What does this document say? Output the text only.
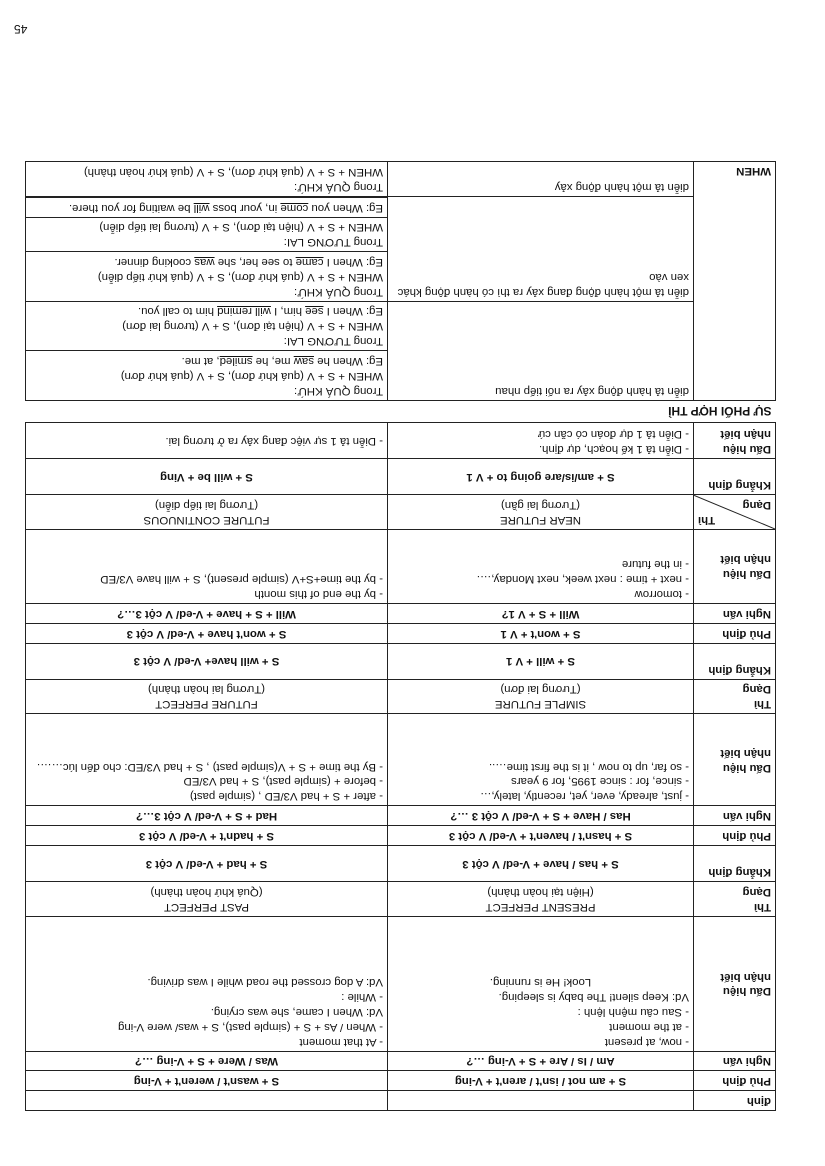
45
định		
Phủ định	S + am not / isn't / aren't + V-ing	S + wasn't / weren't + V-ing
Nghi vấn	Am / Is / Are + S + V-ing …?	Was / Were + S + V-ing …?
Dấu hiệu nhận biết	- now, at present
- at the moment
- Sau câu mệnh lệnh :
Vd: Keep silent! The baby is sleeping.
Look! He is running.	- At that moment
- When / As + S + (simple past), S + was/ were V-ing
Vd: When I came, she was crying.
- While :
Vd: A dog crossed the road while I was driving.

Thì
Dạng	PRESENT PERFECT
(Hiện tại hoàn thành)	PAST PERFECT
(Quá khứ hoàn thành)

Khẳng định	S + has / have + V-ed/ V cột 3	S + had + V-ed/ V cột 3
Phủ định	S + hasn't / haven't + V-ed/ V cột 3	S + hadn't + V-ed/ V cột 3
Nghi vấn	Has / Have + S + V-ed/ V cột 3 …?	Had + S + V-ed/ V cột 3…?
Dấu hiệu nhận biết	- just, already, ever, yet, recently, lately,…
- since, for : since 1995, for 9 years
- so far, up to now , it is the first time…..	- after + S + had V3/ED , (simple past)
- before + (simple past), S + had V3/ED
- By the time + S + V(simple past) , S + had V3/ED: cho đến lúc…….

Thì
Dạng	SIMPLE FUTURE
(Tương lai đơn)	FUTURE PERFECT
(Tương lai hoàn thành)

Khẳng định	S + will + V 1	S + will have+ V-ed/ V cột 3
Phủ định	S + won't + V 1	S + won't have + V-ed/ V cột 3
Nghi vấn	Will + S + V 1?	Will + S + have + V-ed/ V cột 3…?
Dấu hiệu nhận biết	- tomorrow
- next + time : next week, next Monday,….
- in the future	- by the end of this month
- by the time+S+V (simple present), S + will have V3/ED

Thì
Dạng	NEAR FUTURE
(Tương lai gần)	FUTURE CONTINUOUS
(Tương lai tiếp diễn)

Khẳng định	S + am/is/are going to + V 1	S + will be + Ving
Dấu hiệu nhận biết	- Diễn tả 1 kế hoạch, dự định.
- Diễn tả 1 dự đoán có căn cứ	- Diễn tả 1 sự việc đang xảy ra ở tương lai.

SỰ PHỐI HỢP THÌ		
WHEN	diễn tả hành động xảy ra nối tiếp nhau	Trong QUÁ KHỨ:
WHEN + S + V (quá khứ đơn), S + V (quá khứ đơn)
Eg: When he saw me, he smiled, at me.

		Trong TƯƠNG LAI:
WHEN + S + V (hiện tại đơn), S + V (tương lai đơn)
Eg: When I see him, I will remind him to call you.

	diễn tả một hành động đang xảy ra thì có hành động khác xen vào	Trong QUÁ KHỨ:
WHEN + S + V (quá khứ đơn), S + V (quá khứ tiếp diễn)
Eg: When I came to see her, she was cooking dinner.

		Trong TƯƠNG LAI:
WHEN + S + V (hiện tại đơn), S + V (tương lai tiếp diễn)

		Eg: When you come in, your boss will be waiting for you there.

	diễn tả một hành động xảy	Trong QUÁ KHỨ:
WHEN + S + V (quá khứ đơn), S + V (quá khứ hoàn thành)
